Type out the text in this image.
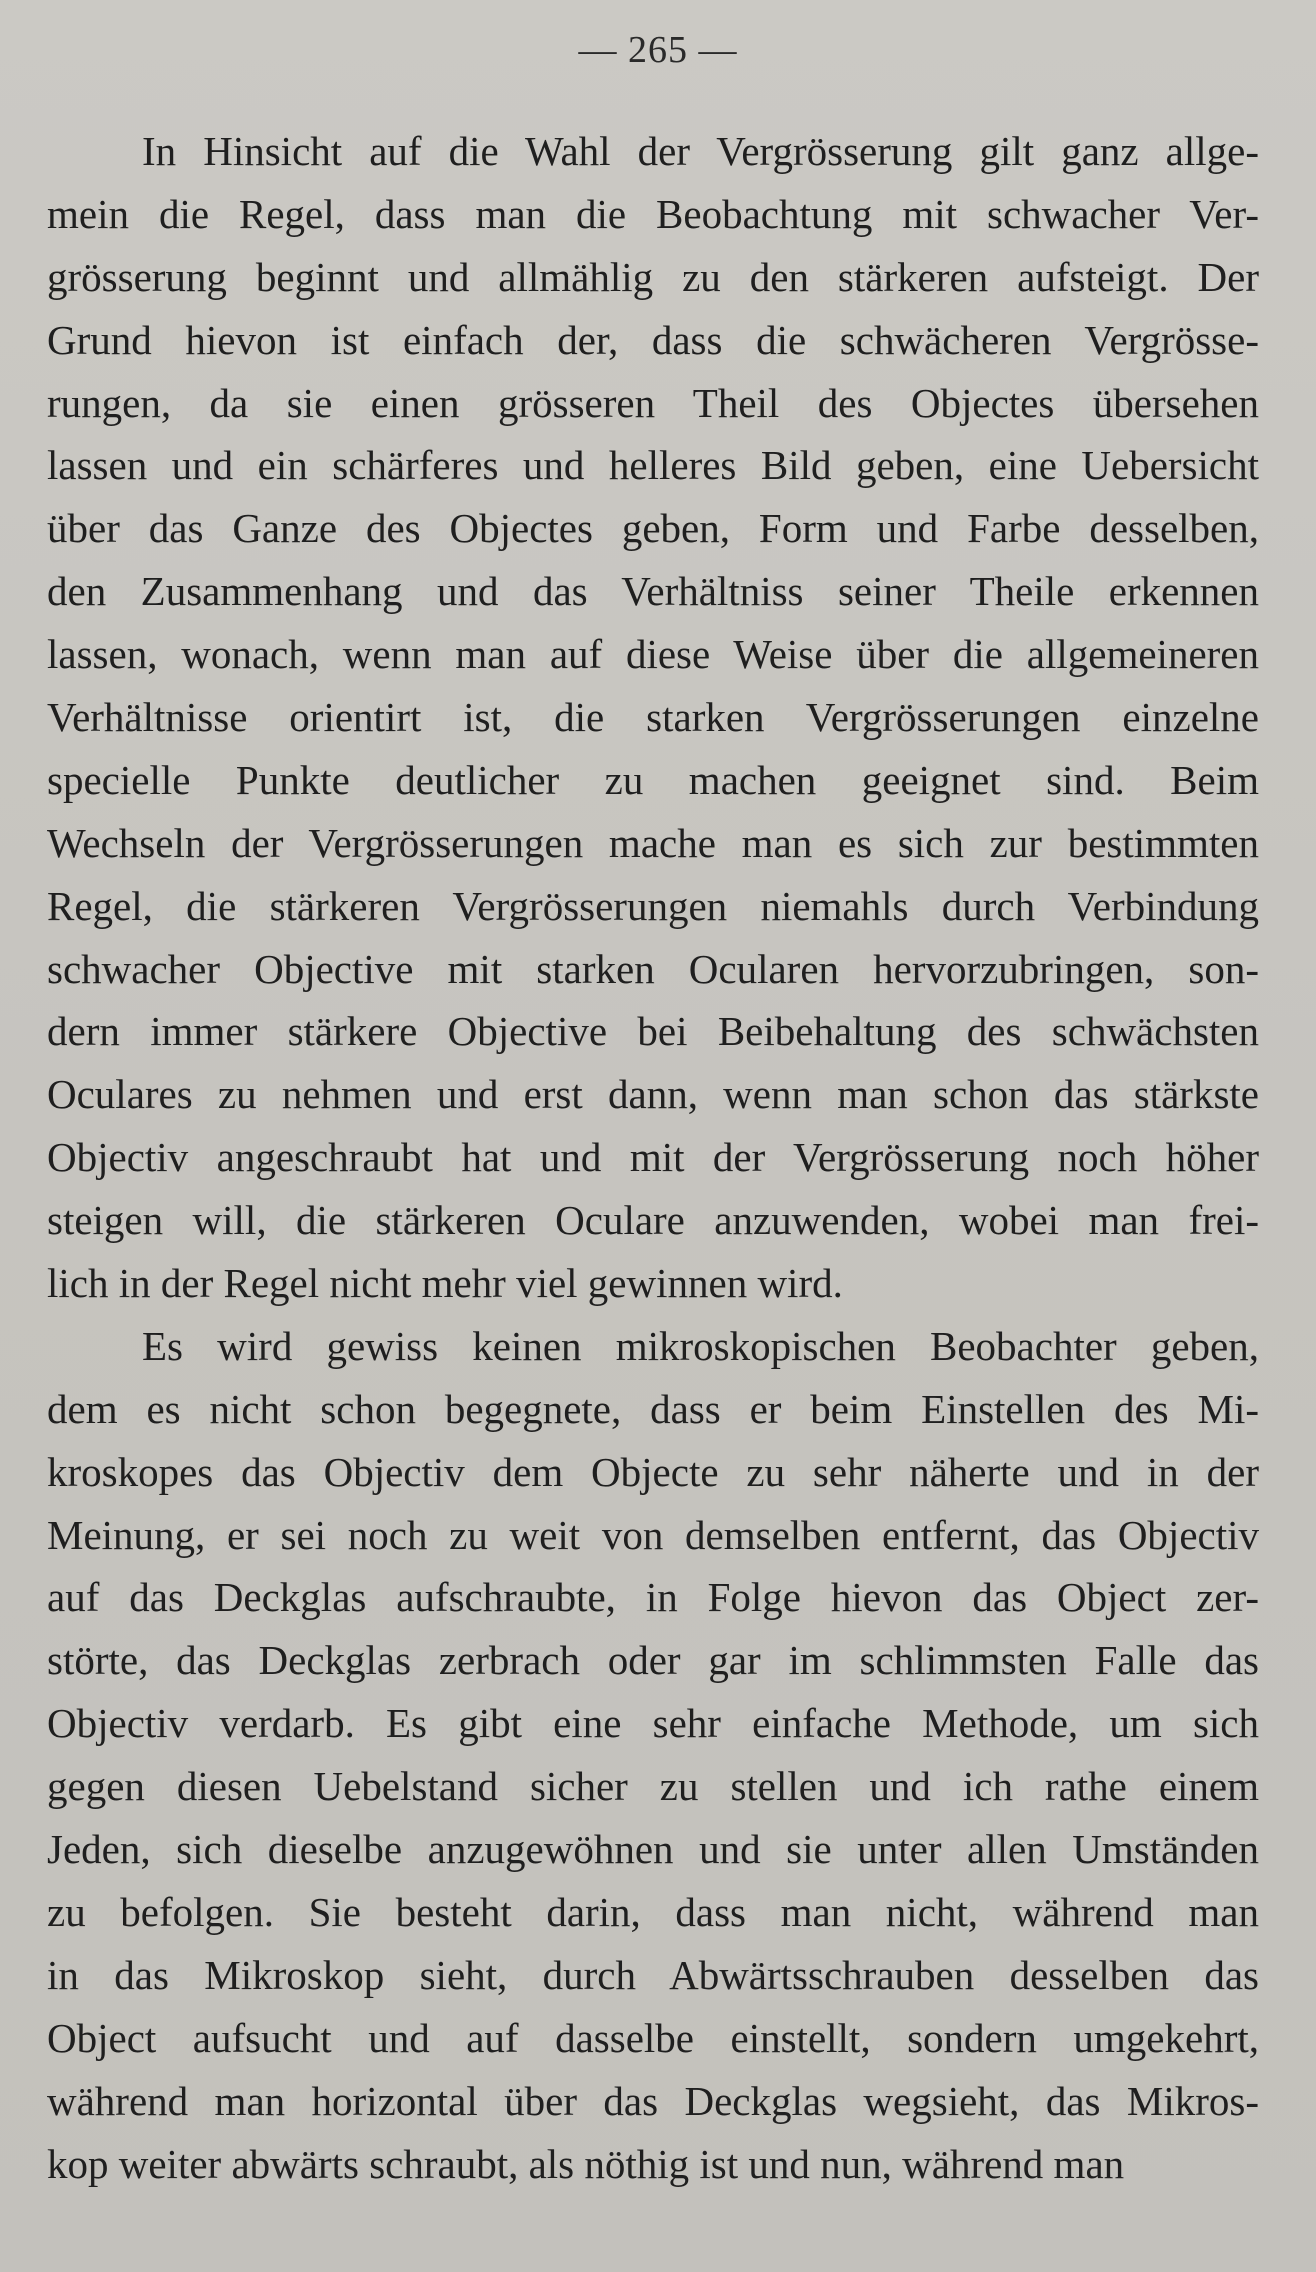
— 265 —
In Hinsicht auf die Wahl der Vergrösserung gilt ganz allge-
mein die Regel, dass man die Beobachtung mit schwacher Ver-
grösserung beginnt und allmählig zu den stärkeren aufsteigt. Der
Grund hievon ist einfach der, dass die schwächeren Vergrösse-
rungen, da sie einen grösseren Theil des Objectes übersehen
lassen und ein schärferes und helleres Bild geben, eine Uebersicht
über das Ganze des Objectes geben, Form und Farbe desselben,
den Zusammenhang und das Verhältniss seiner Theile erkennen
lassen, wonach, wenn man auf diese Weise über die allgemeineren
Verhältnisse orientirt ist, die starken Vergrösserungen einzelne
specielle Punkte deutlicher zu machen geeignet sind. Beim
Wechseln der Vergrösserungen mache man es sich zur bestimmten
Regel, die stärkeren Vergrösserungen niemahls durch Verbindung
schwacher Objective mit starken Ocularen hervorzubringen, son-
dern immer stärkere Objective bei Beibehaltung des schwächsten
Oculares zu nehmen und erst dann, wenn man schon das stärkste
Objectiv angeschraubt hat und mit der Vergrösserung noch höher
steigen will, die stärkeren Oculare anzuwenden, wobei man frei-
lich in der Regel nicht mehr viel gewinnen wird.
Es wird gewiss keinen mikroskopischen Beobachter geben,
dem es nicht schon begegnete, dass er beim Einstellen des Mi-
kroskopes das Objectiv dem Objecte zu sehr näherte und in der
Meinung, er sei noch zu weit von demselben entfernt, das Objectiv
auf das Deckglas aufschraubte, in Folge hievon das Object zer-
störte, das Deckglas zerbrach oder gar im schlimmsten Falle das
Objectiv verdarb. Es gibt eine sehr einfache Methode, um sich
gegen diesen Uebelstand sicher zu stellen und ich rathe einem
Jeden, sich dieselbe anzugewöhnen und sie unter allen Umständen
zu befolgen. Sie besteht darin, dass man nicht, während man
in das Mikroskop sieht, durch Abwärtsschrauben desselben das
Object aufsucht und auf dasselbe einstellt, sondern umgekehrt,
während man horizontal über das Deckglas wegsieht, das Mikros-
kop weiter abwärts schraubt, als nöthig ist und nun, während man
